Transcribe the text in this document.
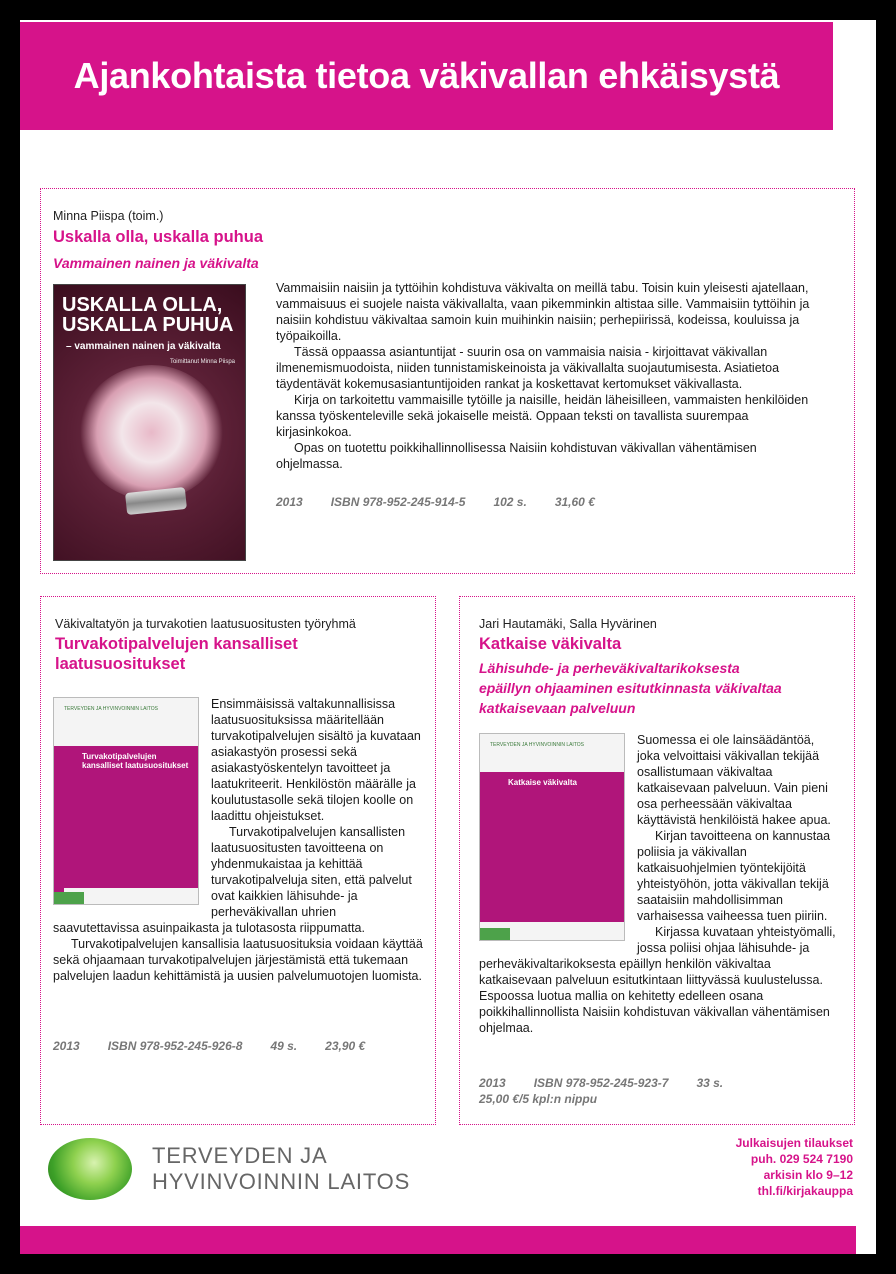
Ajankohtaista tietoa väkivallan ehkäisystä

Minna Piispa (toim.)

Uskalla olla, uskalla puhua

Vammainen nainen ja väkivalta

USKALLA OLLA,
USKALLA PUHUA
– vammainen nainen ja väkivalta
Toimittanut Minna Piispa

Vammaisiin naisiin ja tyttöihin kohdistuva väkivalta on meillä tabu. Toisin kuin yleisesti ajatellaan, vammaisuus ei suojele naista väkivallalta, vaan pikemminkin altistaa sille. Vammaisiin tyttöihin ja naisiin kohdistuu väkivaltaa samoin kuin muihinkin naisiin; perhepiirissä, kodeissa, kouluissa ja työpaikoilla.

Tässä oppaassa asiantuntijat - suurin osa on vammaisia naisia - kirjoittavat väkivallan ilmenemismuodoista, niiden tunnistamiskeinoista ja väkivallalta suojautumisesta. Asiatietoa täydentävät kokemusasiantuntijoiden rankat ja koskettavat kertomukset väkivallasta.

Kirja on tarkoitettu vammaisille tytöille ja naisille, heidän läheisilleen, vammaisten henkilöiden kanssa työskenteleville sekä jokaiselle meistä. Oppaan teksti on tavallista suurempaa kirjasinkokoa.

Opas on tuotettu poikkihallinnollisessa Naisiin kohdistuvan väkivallan vähentämisen ohjelmassa.

2013 ISBN 978-952-245-914-5 102 s. 31,60 €

Väkivaltatyön ja turvakotien laatusuositusten työryhmä

Turvakotipalvelujen kansalliset
laatusuositukset

TERVEYDEN JA HYVINVOINNIN LAITOS
Turvakotipalvelujen kansalliset laatusuositukset

Ensimmäisissä valtakunnallisissa laatusuosituksissa määritellään turvakotipalvelujen sisältö ja kuvataan asiakastyön prosessi sekä asiakastyöskentelyn tavoitteet ja laatukriteerit. Henkilöstön määrälle ja koulutustasolle sekä tilojen koolle on laadittu ohjeistukset.

Turvakotipalvelujen kansallisten laatusuositusten tavoitteena on yhdenmukaistaa ja kehittää turvakotipalveluja siten, että palvelut ovat kaikkien lähisuhde- ja perheväkivallan uhrien saavutettavissa asuinpaikasta ja tulotasosta riippumatta.

Turvakotipalvelujen kansallisia laatusuosituksia voidaan käyttää sekä ohjaamaan turvakotipalvelujen järjestämistä että tukemaan palvelujen laadun kehittämistä ja uusien palvelumuotojen luomista.

2013 ISBN 978-952-245-926-8 49 s. 23,90 €

Jari Hautamäki, Salla Hyvärinen

Katkaise väkivalta

Lähisuhde- ja perheväkivaltarikoksesta
epäillyn ohjaaminen esitutkinnasta väkivaltaa
katkaisevaan palveluun

TERVEYDEN JA HYVINVOINNIN LAITOS
Katkaise väkivalta

Suomessa ei ole lainsäädäntöä, joka velvoittaisi väkivallan tekijää osallistumaan väkivaltaa katkaisevaan palveluun. Vain pieni osa perheessään väkivaltaa käyttävistä henkilöistä hakee apua.

Kirjan tavoitteena on kannustaa poliisia ja väkivallan katkaisuohjelmien työntekijöitä yhteistyöhön, jotta väkivallan tekijä saataisiin mahdollisimman varhaisessa vaiheessa tuen piiriin.

Kirjassa kuvataan yhteistyömalli, jossa poliisi ohjaa lähisuhde- ja perheväkivaltarikoksesta epäillyn henkilön väkivaltaa katkaisevaan palveluun esitutkintaan liittyvässä kuulustelussa. Espoossa luotua mallia on kehitetty edelleen osana poikkihallinnollista Naisiin kohdistuvan väkivallan vähentämisen ohjelmaa.

2013 ISBN 978-952-245-923-7 33 s.
25,00 €/5 kpl:n nippu
TERVEYDEN JA
HYVINVOINNIN LAITOS
Julkaisujen tilaukset
puh. 029 524 7190
arkisin klo 9–12
thl.fi/kirjakauppa
